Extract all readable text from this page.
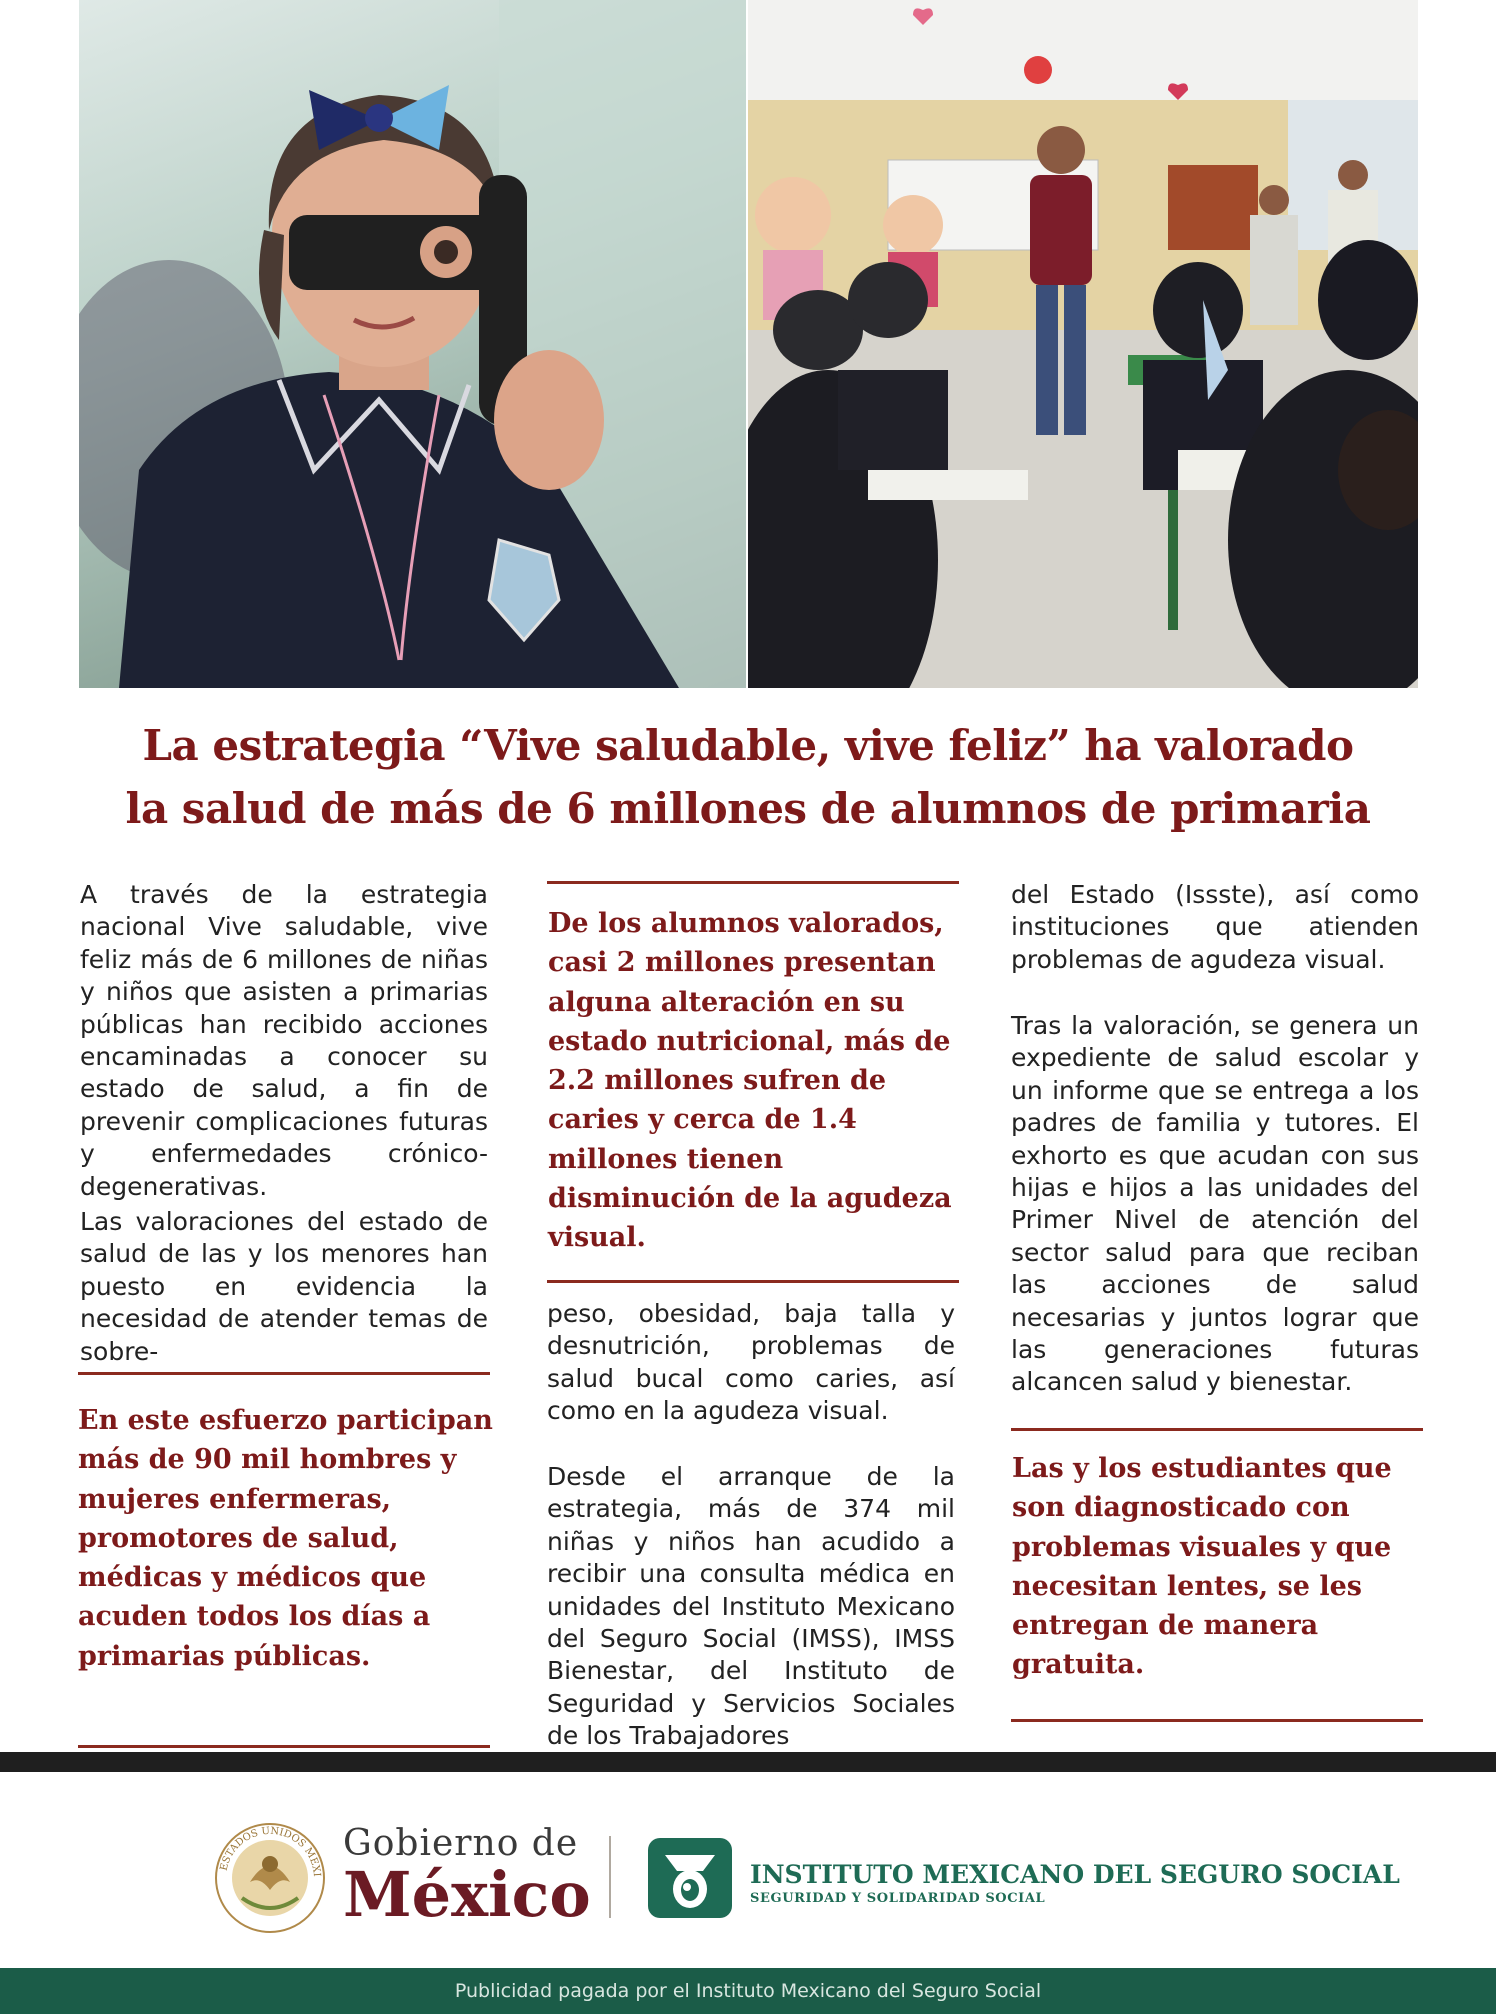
La estrategia “Vive saludable, vive feliz” ha valorado
la salud de más de 6 millones de alumnos de primaria

A través de la estrategia nacional Vive saludable, vive feliz más de 6 millones de niñas y niños que asisten a primarias públicas han recibido acciones encaminadas a conocer su estado de salud, a fin de prevenir complicaciones futuras y enfermedades crónico-degenerativas.

Las valoraciones del estado de salud de las y los menores han puesto en evidencia la necesidad de atender temas de sobre-

En este esfuerzo participan más de 90 mil hombres y mujeres enfermeras, promotores de salud, médicas y médicos que acuden todos los días a primarias públicas.

De los alumnos valorados, casi 2 millones presentan alguna alteración en su estado nutricional, más de 2.2 millones sufren de caries y cerca de 1.4 millones tienen disminución de la agudeza visual.

peso, obesidad, baja talla y desnutrición, problemas de salud bucal como caries, así como en la agudeza visual.

Desde el arranque de la estrategia, más de 374 mil niñas y niños han acudido a recibir una consulta médica en unidades del Instituto Mexicano del Seguro Social (IMSS), IMSS Bienestar, del Instituto de Seguridad y Servicios Sociales de los Trabajadores

del Estado (Issste), así como instituciones que atienden problemas de agudeza visual.

Tras la valoración, se genera un expediente de salud escolar y un informe que se entrega a los padres de familia y tutores. El exhorto es que acudan con sus hijas e hijos a las unidades del Primer Nivel de atención del sector salud para que reciban las acciones de salud necesarias y juntos lograr que las generaciones futuras alcancen salud y bienestar.

Las y los estudiantes que son diagnosticado con problemas visuales y que necesitan lentes, se les entregan de manera gratuita.

ESTADOS UNIDOS MEXI
Gobierno de
México	INSTITUTO MEXICANO DEL SEGURO SOCIAL
SEGURIDAD Y SOLIDARIDAD SOCIAL
Publicidad pagada por el Instituto Mexicano del Seguro Social
